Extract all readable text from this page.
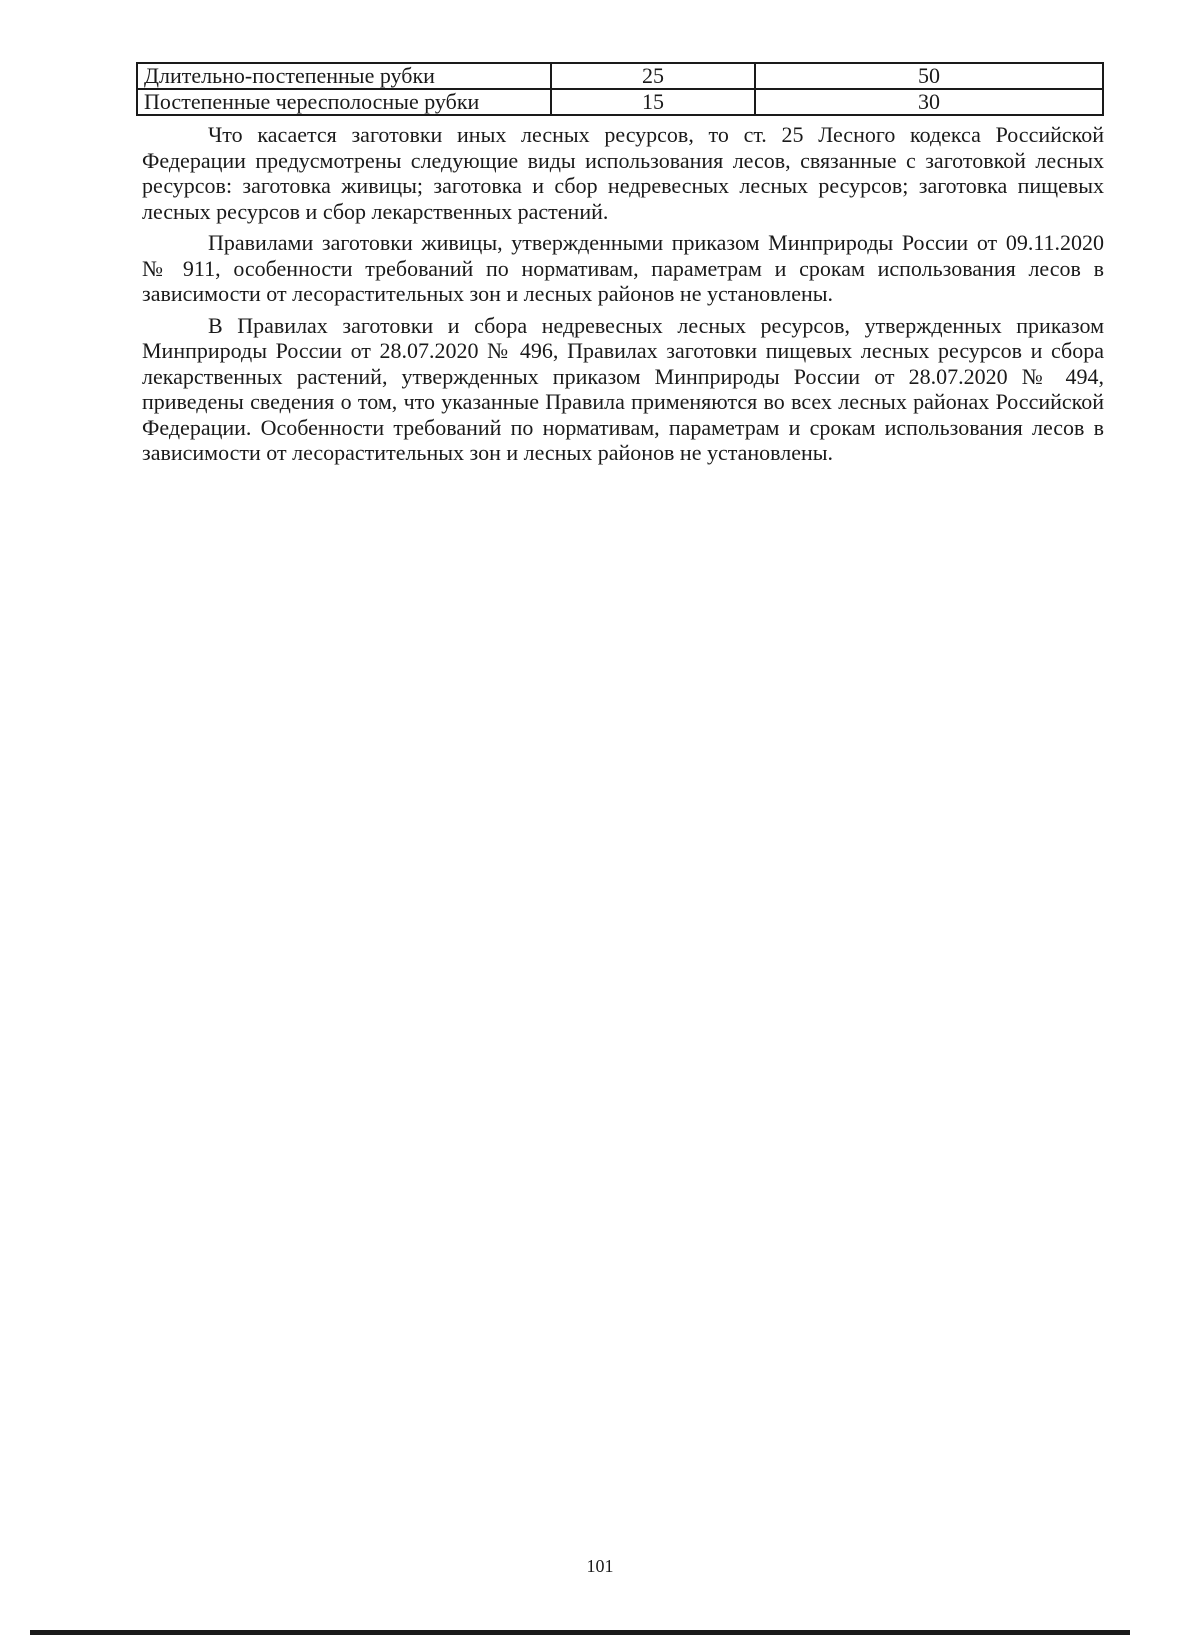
Длительно-постепенные рубки	25	50
Постепенные чересполосные рубки	15	30

Что касается заготовки иных лесных ресурсов, то ст. 25 Лесного кодекса Российской Федерации предусмотрены следующие виды использования лесов, связанные с заготовкой лесных ресурсов: заготовка живицы; заготовка и сбор недревесных лесных ресурсов; заготовка пищевых лесных ресурсов и сбор лекарственных растений.

Правилами заготовки живицы, утвержденными приказом Минприроды России от 09.11.2020 № 911, особенности требований по нормативам, параметрам и срокам использования лесов в зависимости от лесорастительных зон и лесных районов не установлены.

В Правилах заготовки и сбора недревесных лесных ресурсов, утвержденных приказом Минприроды России от 28.07.2020 № 496, Правилах заготовки пищевых лесных ресурсов и сбора лекарственных растений, утвержденных приказом Минприроды России от 28.07.2020 № 494, приведены сведения о том, что указанные Правила применяются во всех лесных районах Российской Федерации. Особенности требований по нормативам, параметрам и срокам использования лесов в зависимости от лесорастительных зон и лесных районов не установлены.

101
